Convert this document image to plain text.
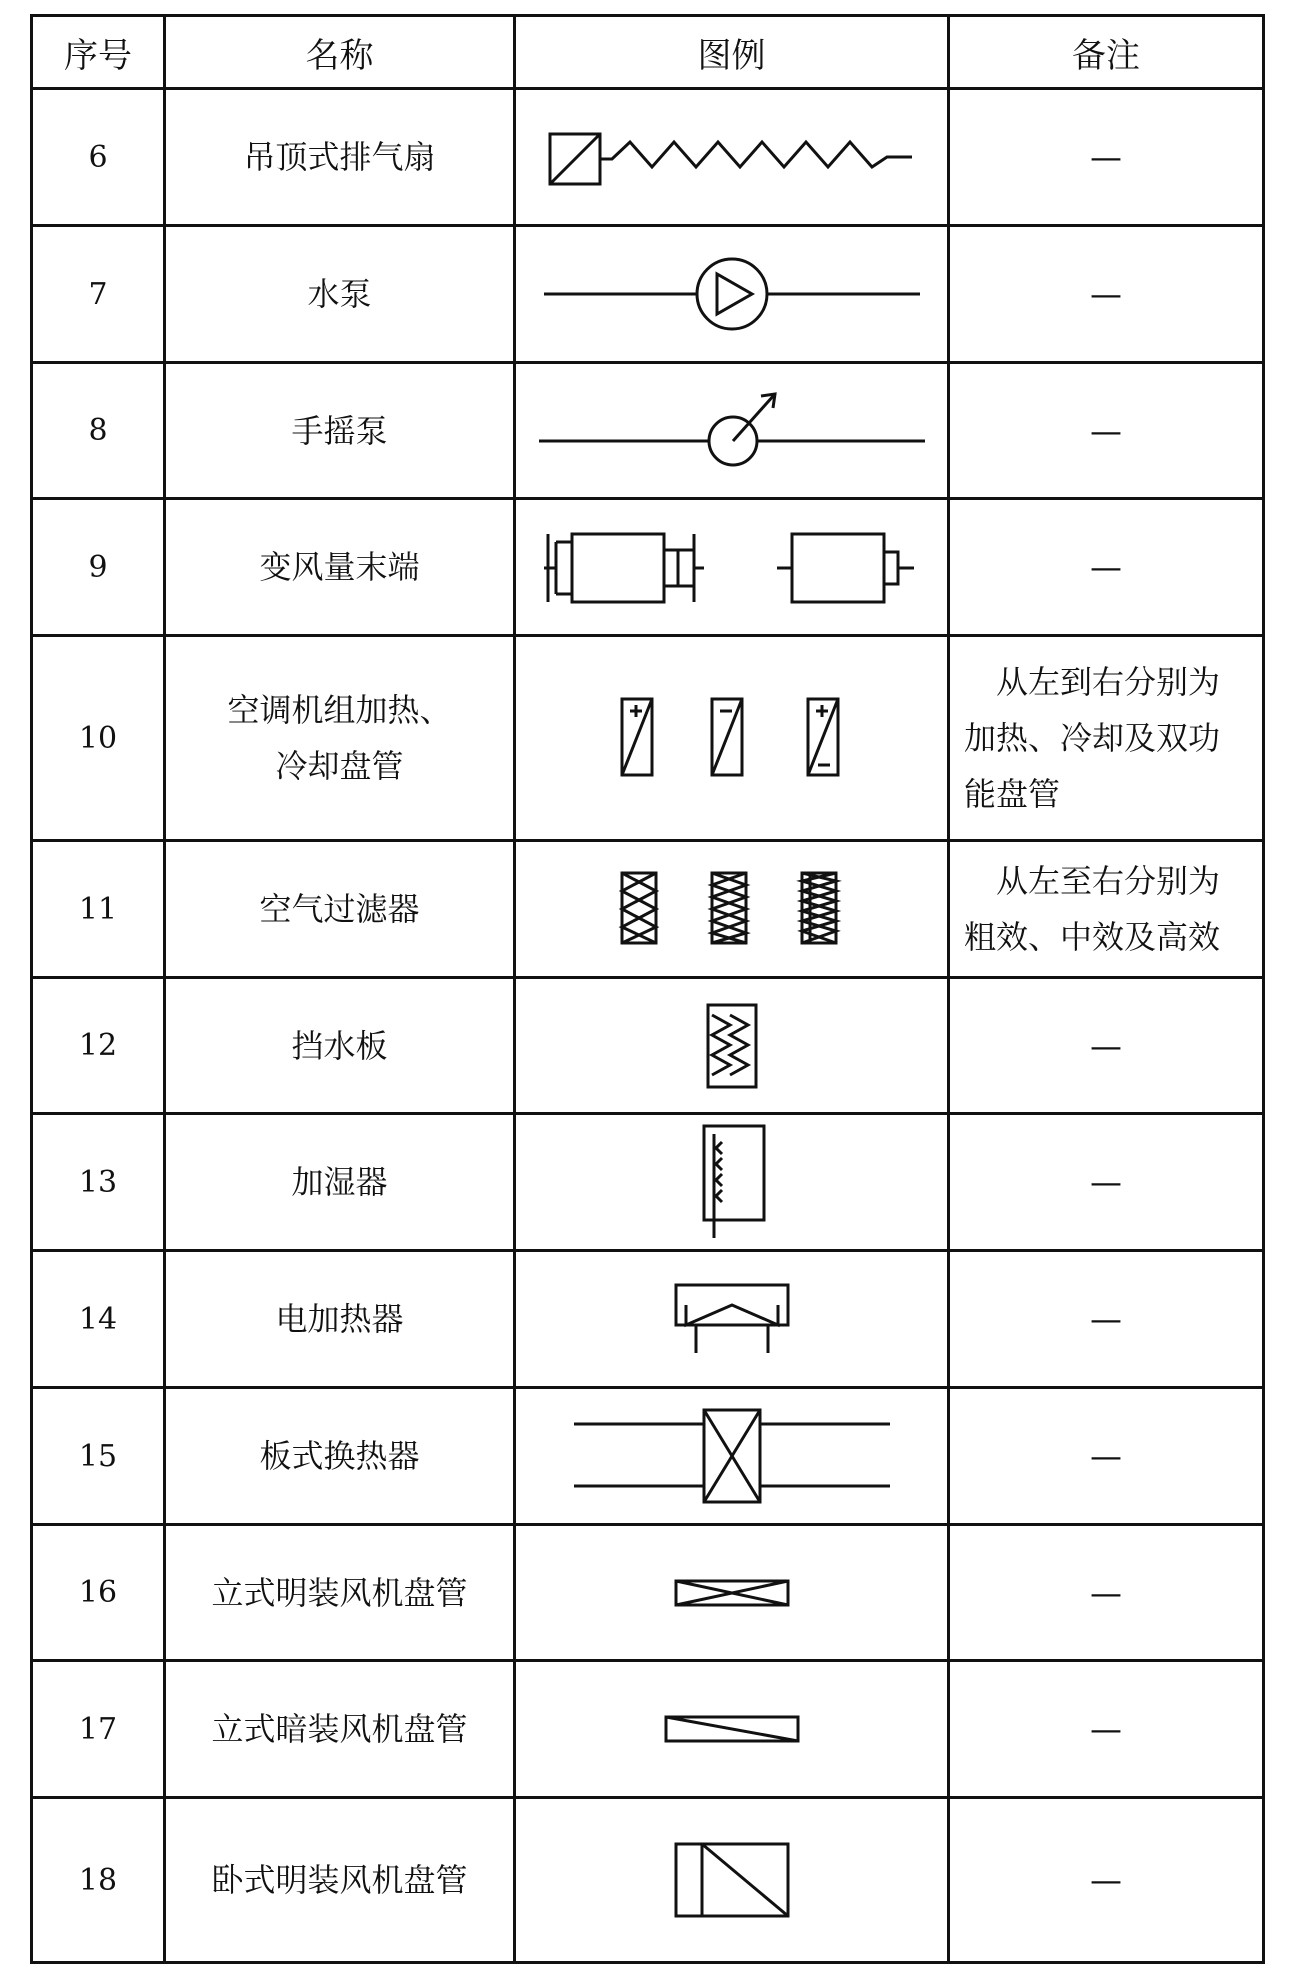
序号	名称	图例	备注

6	吊顶式排气扇		—
7	水泵		—
8	手摇泵		—
9	变风量末端		—
10	空调机组加热、
冷却盘管		从左到右分别为
加热、冷却及双功
能盘管

11	空气过滤器		从左至右分别为
粗效、中效及高效

12	挡水板		—
13	加湿器		—
14	电加热器		—
15	板式换热器		—
16	立式明装风机盘管		—
17	立式暗装风机盘管		—
18	卧式明装风机盘管		—
